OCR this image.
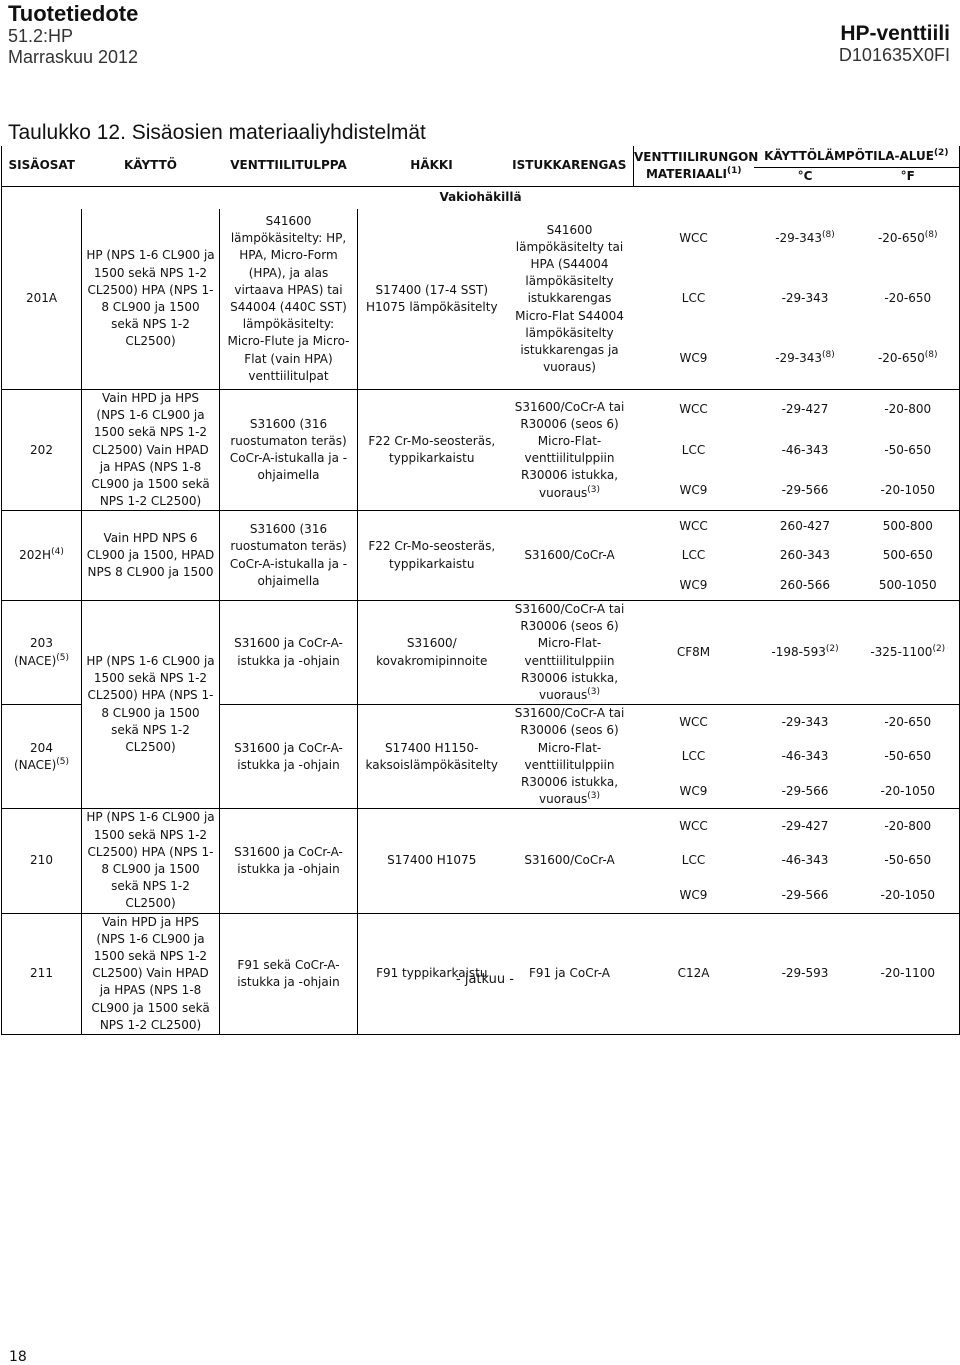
Tuotetiedote
51.2:HP
Marraskuu 2012
HP-venttiili
D101635X0FI
Taulukko 12. Sisäosien materiaaliyhdistelmät
SISÄOSAT	KÄYTTÖ	VENTTIILITULPPA	HÄKKI	ISTUKKARENGAS	VENTTIILIRUNGON
MATERIAALI$^{(1)}$	KÄYTTÖLÄMPÖTILA-ALUE$^{(2)}$
						°C	°F
Vakiohäkillä							
201A	HP (NPS 1-6 CL900 ja 1500 sekä NPS 1-2 CL2500) HPA (NPS 1-8 CL900 ja 1500 sekä NPS 1-2 CL2500)	S41600 lämpökäsitelty: HP, HPA, Micro-Form (HPA), ja alas virtaava HPAS) tai S44004 (440C SST) lämpökäsitelty: Micro-Flute ja Micro-Flat (vain HPA) venttiilitulpat	S17400 (17-4 SST) H1075 lämpökäsitelty	S41600 lämpökäsitelty tai HPA (S44004 lämpökäsitelty istukkarengas Micro-Flat S44004 lämpökäsitelty istukkarengas ja vuoraus)	WCC	-29-343$^{(8)}$	-20-650$^{(8)}$
					LCC	-29-343	-20-650
					WC9	-29-343$^{(8)}$	-20-650$^{(8)}$
202	Vain HPD ja HPS (NPS 1-6 CL900 ja 1500 sekä NPS 1-2 CL2500) Vain HPAD ja HPAS (NPS 1-8 CL900 ja 1500 sekä NPS 1-2 CL2500)	S31600 (316 ruostumaton teräs) CoCr-A-istukalla ja -ohjaimella	F22 Cr-Mo-seosteräs, typpikarkaistu	S31600/CoCr-A tai R30006 (seos 6) Micro-Flat-venttiilitulppiin R30006 istukka, vuoraus$^{(3)}$	WCC	-29-427	-20-800
					LCC	-46-343	-50-650
					WC9	-29-566	-20-1050
$202H^{(4)}$	Vain HPD NPS 6 CL900 ja 1500, HPAD NPS 8 CL900 ja 1500	S31600 (316 ruostumaton teräs) CoCr-A-istukalla ja -ohjaimella	F22 Cr-Mo-seosteräs, typpikarkaistu	S31600/CoCr-A	WCC	260-427	500-800
					LCC	260-343	500-650
					WC9	260-566	500-1050
203
(NACE)$^{(5)}$	HP (NPS 1-6 CL900 ja 1500 sekä NPS 1-2 CL2500) HPA (NPS 1-8 CL900 ja 1500 sekä NPS 1-2 CL2500)	S31600 ja CoCr-A-istukka ja -ohjain	S31600/ kovakromipinnoite	S31600/CoCr-A tai R30006 (seos 6) Micro-Flat-venttiilitulppiin R30006 istukka, vuoraus$^{(3)}$	CF8M	-198-593$^{(2)}$	-325-1100$^{(2)}$
204
(NACE)$^{(5)}$		S31600 ja CoCr-A-istukka ja -ohjain	S17400 H1150-kaksoislämpökäsitelty	S31600/CoCr-A tai R30006 (seos 6) Micro-Flat-venttiilitulppiin R30006 istukka, vuoraus$^{(3)}$	WCC	-29-343	-20-650
					LCC	-46-343	-50-650
					WC9	-29-566	-20-1050
210	HP (NPS 1-6 CL900 ja 1500 sekä NPS 1-2 CL2500) HPA (NPS 1-8 CL900 ja 1500 sekä NPS 1-2 CL2500)	S31600 ja CoCr-A-istukka ja -ohjain	S17400 H1075	S31600/CoCr-A	WCC	-29-427	-20-800
					LCC	-46-343	-50-650
					WC9	-29-566	-20-1050
211	Vain HPD ja HPS (NPS 1-6 CL900 ja 1500 sekä NPS 1-2 CL2500) Vain HPAD ja HPAS (NPS 1-8 CL900 ja 1500 sekä NPS 1-2 CL2500)	F91 sekä CoCr-A-istukka ja -ohjain	F91 typpikarkaistu	F91 ja CoCr-A	C12A	-29-593	-20-1100
- jatkuu -
18
